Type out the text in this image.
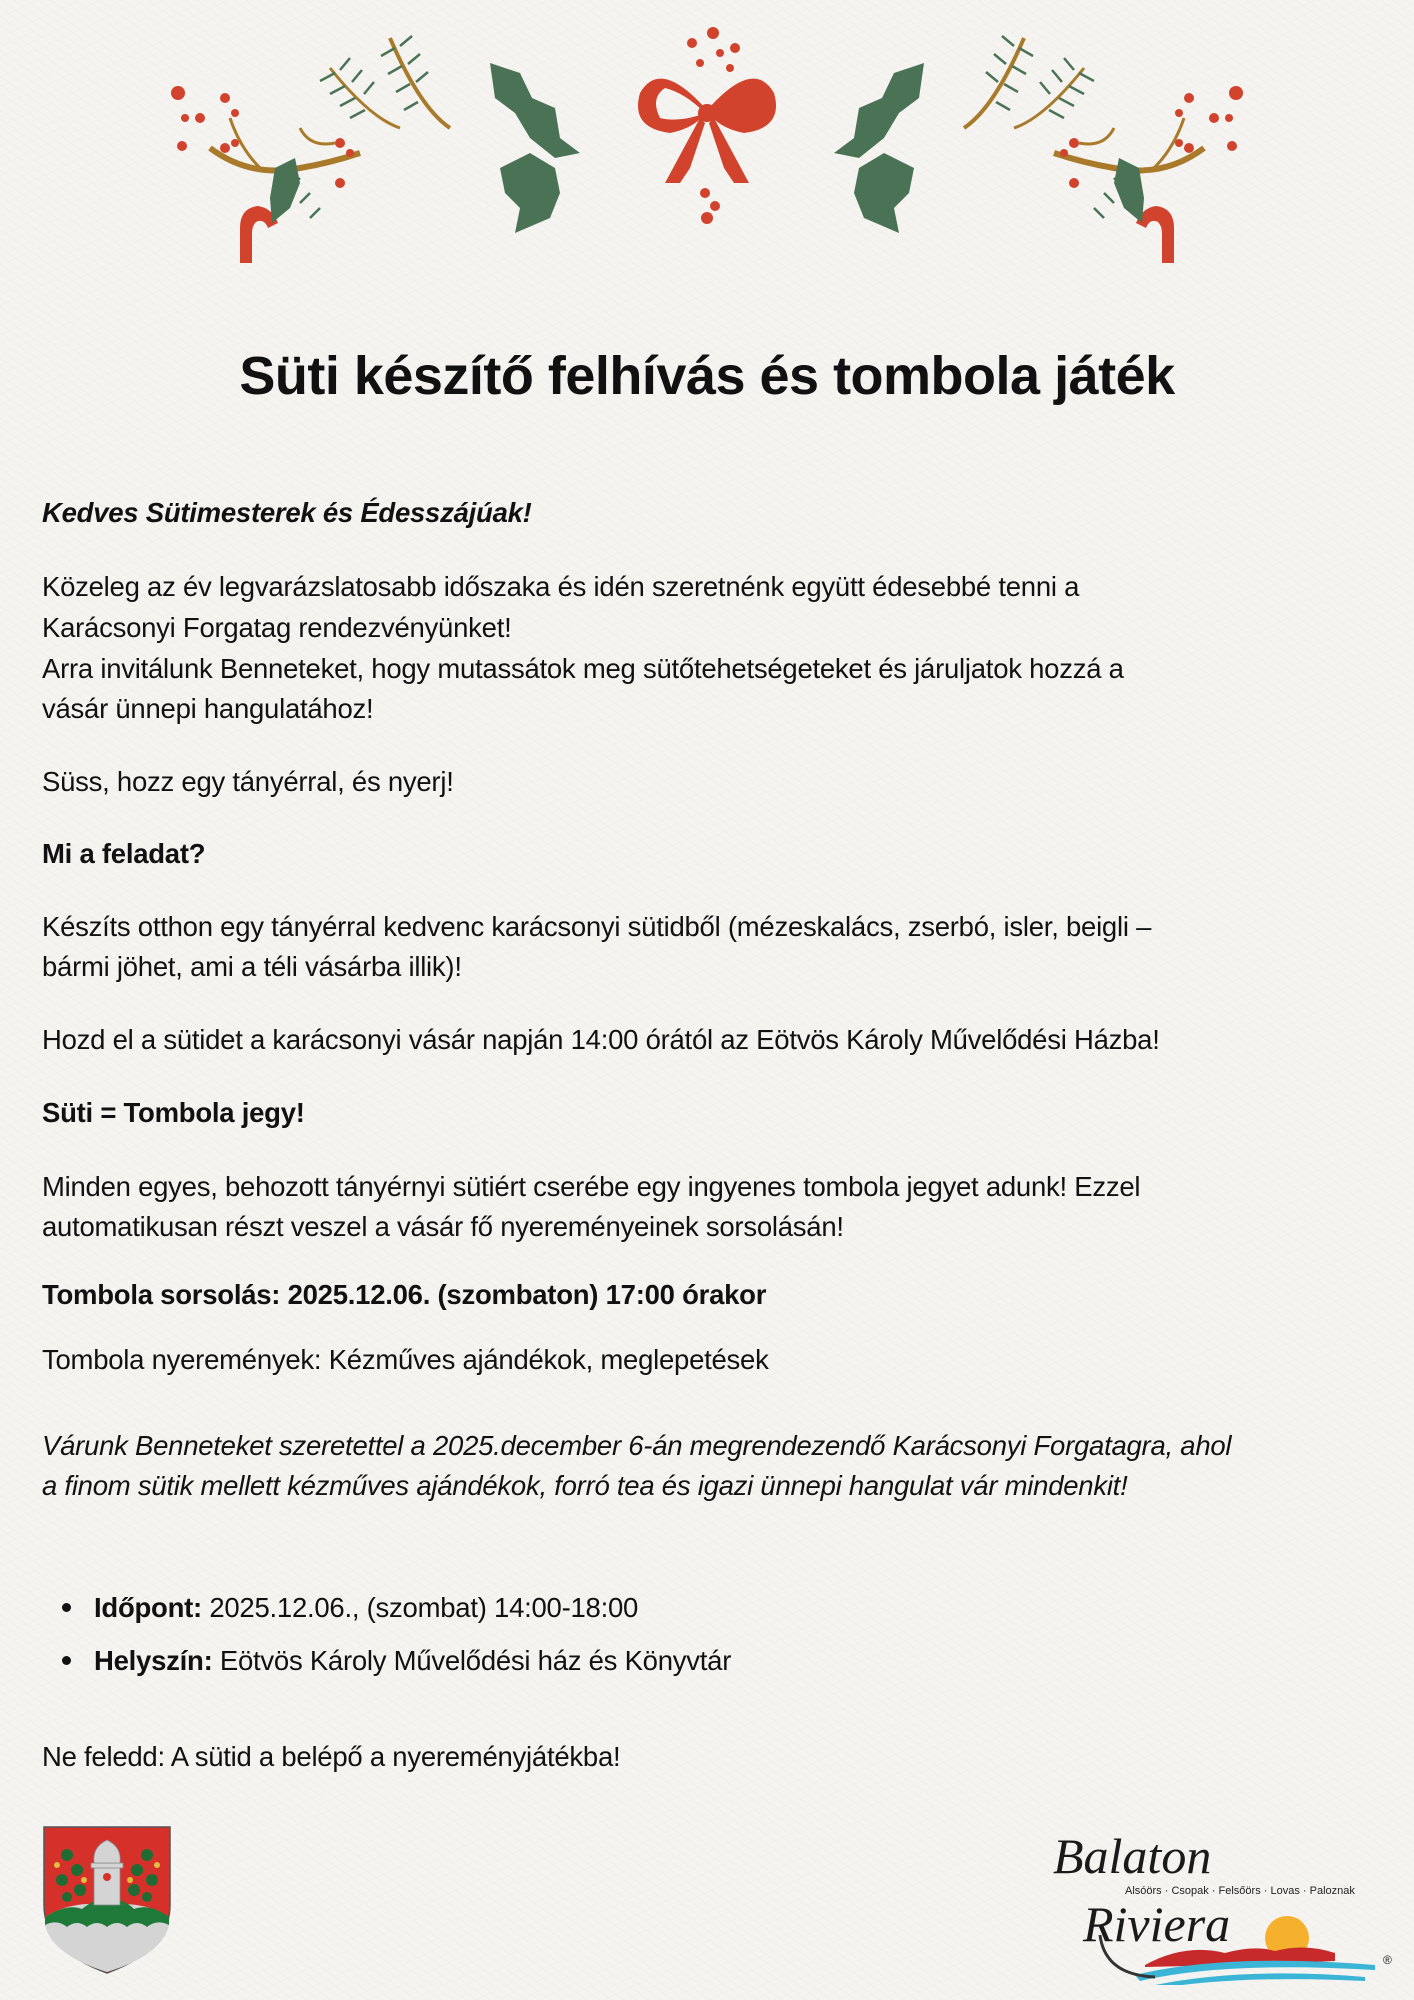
Süti készítő felhívás és tombola játék
Kedves Sütimesterek és Édesszájúak!
Közeleg az év legvarázslatosabb időszaka és idén szeretnénk együtt édesebbé tenni a
Karácsonyi Forgatag rendezvényünket!
Arra invitálunk Benneteket, hogy mutassátok meg sütőtehetségeteket és járuljatok hozzá a
vásár ünnepi hangulatához!
Süss, hozz egy tányérral, és nyerj!
Mi a feladat?
Készíts otthon egy tányérral kedvenc karácsonyi sütidből (mézeskalács, zserbó, isler, beigli –
bármi jöhet, ami a téli vásárba illik)!
Hozd el a sütidet a karácsonyi vásár napján 14:00 órától az Eötvös Károly Művelődési Házba!
Süti = Tombola jegy!
Minden egyes, behozott tányérnyi sütiért cserébe egy ingyenes tombola jegyet adunk! Ezzel
automatikusan részt veszel a vásár fő nyereményeinek sorsolásán!
Tombola sorsolás: 2025.12.06. (szombaton) 17:00 órakor
Tombola nyeremények: Kézműves ajándékok, meglepetések
Várunk Benneteket szeretettel a 2025.december 6-án megrendezendő Karácsonyi Forgatagra, ahol
a finom sütik mellett kézműves ajándékok, forró tea és igazi ünnepi hangulat vár mindenkit!
Időpont: 2025.12.06., (szombat) 14:00-18:00
Helyszín: Eötvös Károly Művelődési ház és Könyvtár
Ne feledd: A sütid a belépő a nyereményjátékba!
Balaton
Alsóörs · Csopak · Felsőörs · Lovas · Paloznak
Riviera
®
